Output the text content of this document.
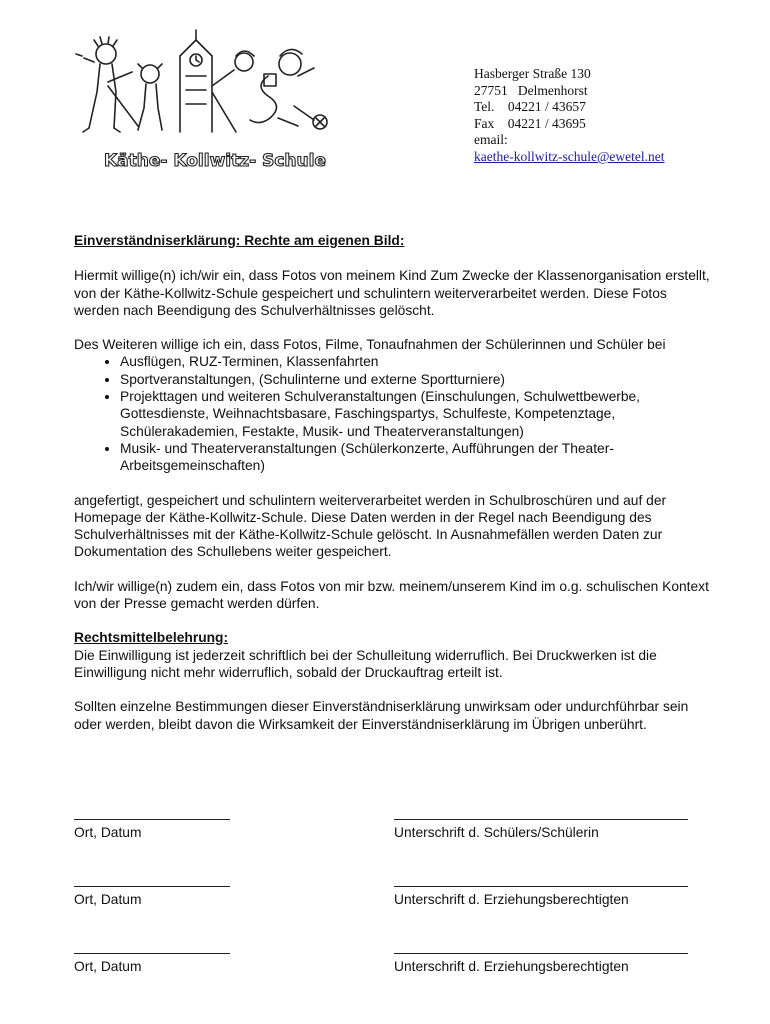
Käthe- Kollwitz- Schule
Hasberger Straße 130
27751   Delmenhorst
Tel.    04221 / 43657
Fax    04221 / 43695
email:
kaethe-kollwitz-schule@ewetel.net

Einverständniserklärung: Rechte am eigenen Bild:

Hiermit willige(n) ich/wir ein, dass Fotos von meinem Kind Zum Zwecke der Klassenorganisation erstellt, von der Käthe-Kollwitz-Schule gespeichert und schulintern weiterverarbeitet werden. Diese Fotos werden nach Beendigung des Schulverhältnisses gelöscht.

Des Weiteren willige ich ein, dass Fotos, Filme, Tonaufnahmen der Schülerinnen und Schüler bei

• Ausflügen, RUZ-Terminen, Klassenfahrten
• Sportveranstaltungen, (Schulinterne und externe Sportturniere)
• Projekttagen und weiteren Schulveranstaltungen (Einschulungen, Schulwettbewerbe, Gottesdienste, Weihnachtsbasare, Faschingspartys, Schulfeste, Kompetenztage, Schülerakademien, Festakte, Musik- und Theaterveranstaltungen)
• Musik- und Theaterveranstaltungen (Schülerkonzerte, Aufführungen der Theater-Arbeitsgemeinschaften)

angefertigt, gespeichert und schulintern weiterverarbeitet werden in Schulbroschüren und auf der Homepage der Käthe-Kollwitz-Schule. Diese Daten werden in der Regel nach Beendigung des Schulverhältnisses mit der Käthe-Kollwitz-Schule gelöscht. In Ausnahmefällen werden Daten zur Dokumentation des Schullebens weiter gespeichert.

Ich/wir willige(n) zudem ein, dass Fotos von mir bzw. meinem/unserem Kind im o.g. schulischen Kontext von der Presse gemacht werden dürfen.

Rechtsmittelbelehrung:

Die Einwilligung ist jederzeit schriftlich bei der Schulleitung widerruflich. Bei Druckwerken ist die Einwilligung nicht mehr widerruflich, sobald der Druckauftrag erteilt ist.

Sollten einzelne Bestimmungen dieser Einverständniserklärung unwirksam oder undurchführbar sein oder werden, bleibt davon die Wirksamkeit der Einverständniserklärung im Übrigen unberührt.

Ort, Datum	Unterschrift d. Schülers/Schülerin
Ort, Datum	Unterschrift d. Erziehungsberechtigten
Ort, Datum	Unterschrift d. Erziehungsberechtigten
